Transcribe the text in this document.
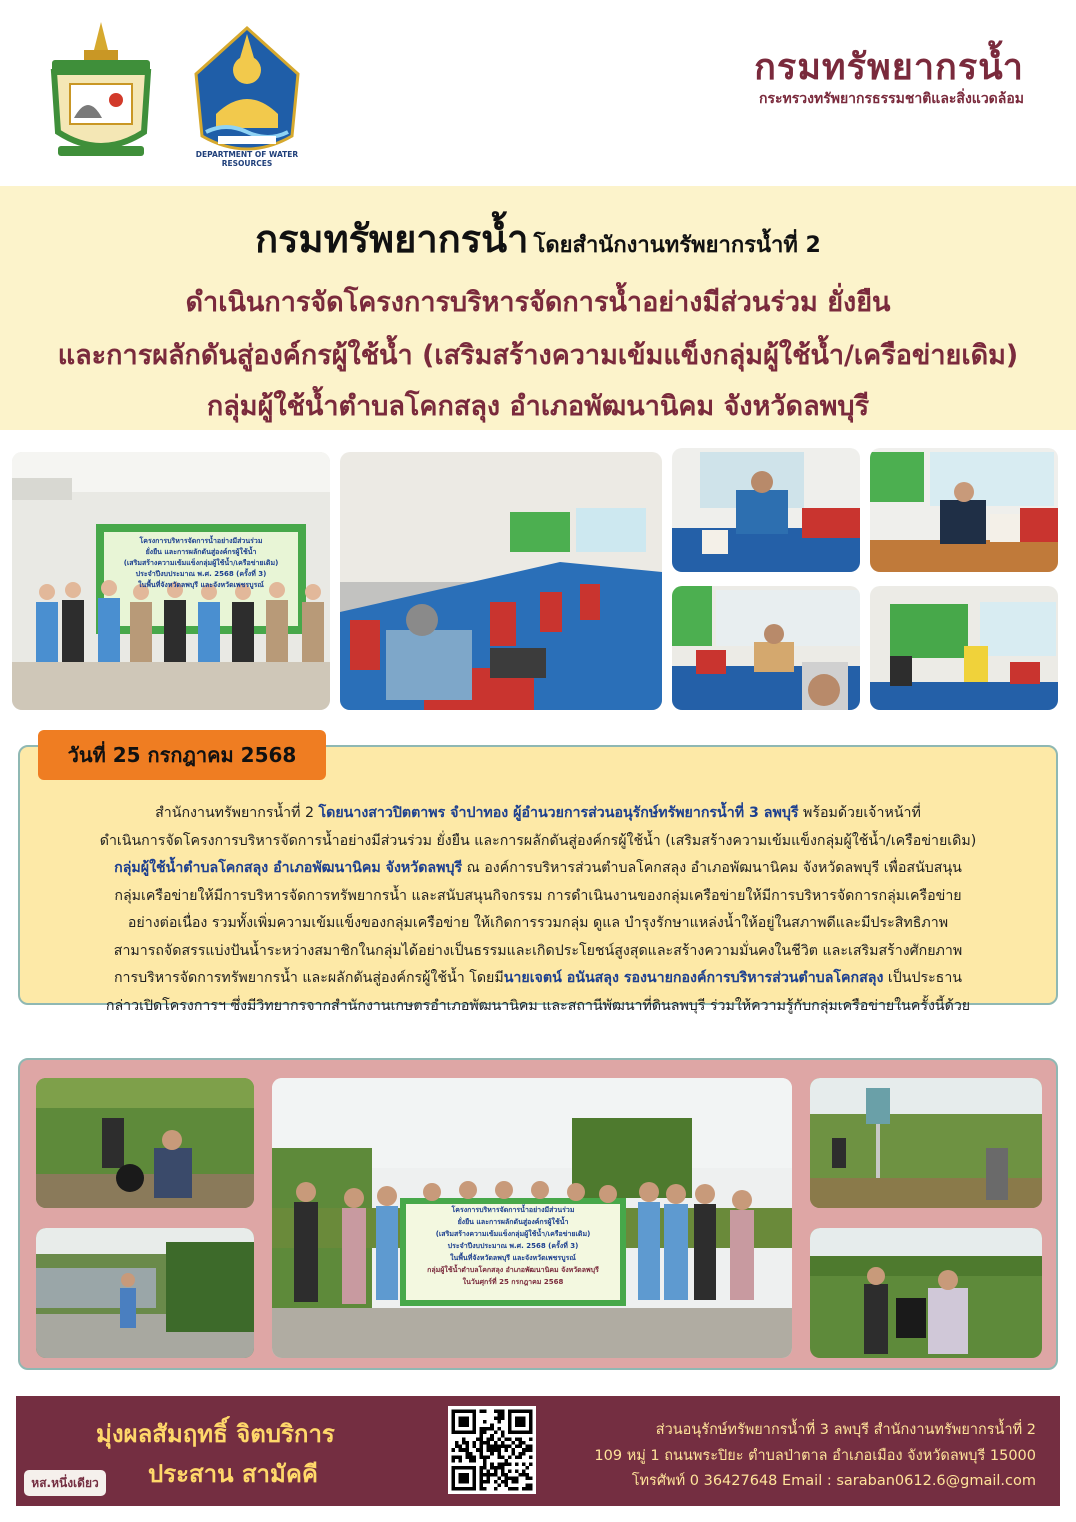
DEPARTMENT OF WATER RESOURCES
กรมทรัพยากรน้ำ
กระทรวงทรัพยากรธรรมชาติและสิ่งแวดล้อม
กรมทรัพยากรน้ำ โดยสำนักงานทรัพยากรน้ำที่ 2
ดำเนินการจัดโครงการบริหารจัดการน้ำอย่างมีส่วนร่วม ยั่งยืน
และการผลักดันสู่องค์กรผู้ใช้น้ำ (เสริมสร้างความเข้มแข็งกลุ่มผู้ใช้น้ำ/เครือข่ายเดิม)
กลุ่มผู้ใช้น้ำตำบลโคกสลุง อำเภอพัฒนานิคม จังหวัดลพบุรี
โครงการบริหารจัดการน้ำอย่างมีส่วนร่วม
ยั่งยืน และการผลักดันสู่องค์กรผู้ใช้น้ำ
(เสริมสร้างความเข้มแข็งกลุ่มผู้ใช้น้ำ/เครือข่ายเดิม)
ประจำปีงบประมาณ พ.ศ. 2568 (ครั้งที่ 3)
ในพื้นที่จังหวัดลพบุรี และจังหวัดเพชรบูรณ์
วันที่ 25 กรกฎาคม 2568
สำนักงานทรัพยากรน้ำที่ 2 โดยนางสาวปิตตาพร จำปาทอง ผู้อำนวยการส่วนอนุรักษ์ทรัพยากรน้ำที่ 3 ลพบุรี พร้อมด้วยเจ้าหน้าที่
ดำเนินการจัดโครงการบริหารจัดการน้ำอย่างมีส่วนร่วม ยั่งยืน และการผลักดันสู่องค์กรผู้ใช้น้ำ (เสริมสร้างความเข้มแข็งกลุ่มผู้ใช้น้ำ/เครือข่ายเดิม)
กลุ่มผู้ใช้น้ำตำบลโคกสลุง อำเภอพัฒนานิคม จังหวัดลพบุรี ณ องค์การบริหารส่วนตำบลโคกสลุง อำเภอพัฒนานิคม จังหวัดลพบุรี เพื่อสนับสนุน
กลุ่มเครือข่ายให้มีการบริหารจัดการทรัพยากรน้ำ และสนับสนุนกิจกรรม การดำเนินงานของกลุ่มเครือข่ายให้มีการบริหารจัดการกลุ่มเครือข่าย
อย่างต่อเนื่อง รวมทั้งเพิ่มความเข้มแข็งของกลุ่มเครือข่าย ให้เกิดการรวมกลุ่ม ดูแล บำรุงรักษาแหล่งน้ำให้อยู่ในสภาพดีและมีประสิทธิภาพ
สามารถจัดสรรแบ่งปันน้ำระหว่างสมาชิกในกลุ่มได้อย่างเป็นธรรมและเกิดประโยชน์สูงสุดและสร้างความมั่นคงในชีวิต และเสริมสร้างศักยภาพ
การบริหารจัดการทรัพยากรน้ำ และผลักดันสู่องค์กรผู้ใช้น้ำ โดยมีนายเจตน์ อนันสลุง รองนายกองค์การบริหารส่วนตำบลโคกสลุง เป็นประธาน
กล่าวเปิดโครงการฯ ซึ่งมีวิทยากรจากสำนักงานเกษตรอำเภอพัฒนานิคม และสถานีพัฒนาที่ดินลพบุรี ร่วมให้ความรู้กับกลุ่มเครือข่ายในครั้งนี้ด้วย
โครงการบริหารจัดการน้ำอย่างมีส่วนร่วม
ยั่งยืน และการผลักดันสู่องค์กรผู้ใช้น้ำ
(เสริมสร้างความเข้มแข็งกลุ่มผู้ใช้น้ำ/เครือข่ายเดิม)
ประจำปีงบประมาณ พ.ศ. 2568 (ครั้งที่ 3)
ในพื้นที่จังหวัดลพบุรี และจังหวัดเพชรบูรณ์
กลุ่มผู้ใช้น้ำตำบลโคกสลุง อำเภอพัฒนานิคม จังหวัดลพบุรี
ในวันศุกร์ที่ 25 กรกฎาคม 2568
มุ่งผลสัมฤทธิ์ จิตบริการ
ประสาน สามัคคี
หส.หนึ่งเดียว
ส่วนอนุรักษ์ทรัพยากรน้ำที่ 3 ลพบุรี สำนักงานทรัพยากรน้ำที่ 2
109 หมู่ 1 ถนนพระปิยะ ตำบลป่าตาล อำเภอเมือง จังหวัดลพบุรี 15000
โทรศัพท์ 0 36427648 Email : saraban0612.6@gmail.com
